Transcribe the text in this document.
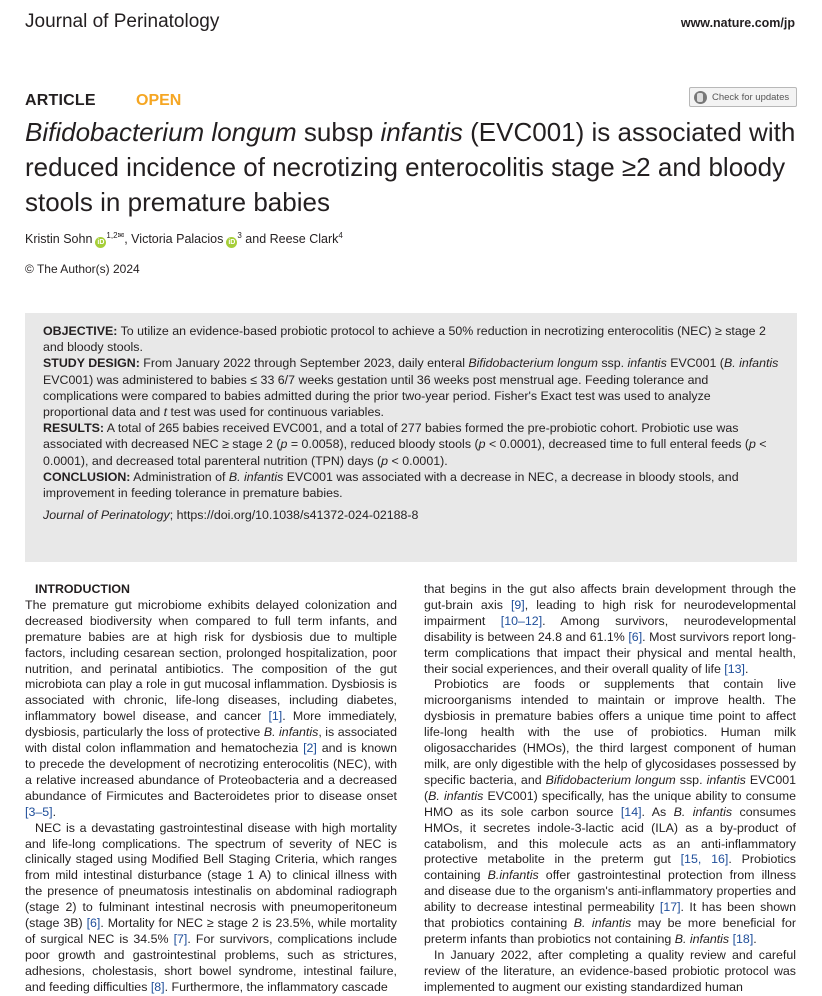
Journal of Perinatology	www.nature.com/jp
ARTICLE	OPEN	Check for updates
Bifidobacterium longum subsp infantis (EVC001) is associated with reduced incidence of necrotizing enterocolitis stage ≥2 and bloody stools in premature babies
Kristin Sohn $iD^{1,2✉}$, Victoria Palacios $iD^3$ and Reese Clark$^4$
© The Author(s) 2024

OBJECTIVE: To utilize an evidence-based probiotic protocol to achieve a 50% reduction in necrotizing enterocolitis (NEC) ≥ stage 2 and bloody stools.

STUDY DESIGN: From January 2022 through September 2023, daily enteral Bifidobacterium longum ssp. infantis EVC001 (B. infantis EVC001) was administered to babies ≤ 33 6/7 weeks gestation until 36 weeks post menstrual age. Feeding tolerance and complications were compared to babies admitted during the prior two-year period. Fisher's Exact test was used to analyze proportional data and t test was used for continuous variables.

RESULTS: A total of 265 babies received EVC001, and a total of 277 babies formed the pre-probiotic cohort. Probiotic use was associated with decreased NEC ≥ stage 2 (p = 0.0058), reduced bloody stools (p < 0.0001), decreased time to full enteral feeds (p < 0.0001), and decreased total parenteral nutrition (TPN) days (p < 0.0001).

CONCLUSION: Administration of B. infantis EVC001 was associated with a decrease in NEC, a decrease in bloody stools, and improvement in feeding tolerance in premature babies.

Journal of Perinatology; https://doi.org/10.1038/s41372-024-02188-8

INTRODUCTION

The premature gut microbiome exhibits delayed colonization and decreased biodiversity when compared to full term infants, and premature babies are at high risk for dysbiosis due to multiple factors, including cesarean section, prolonged hospitalization, poor nutrition, and perinatal antibiotics. The composition of the gut microbiota can play a role in gut mucosal inflammation. Dysbiosis is associated with chronic, life-long diseases, including diabetes, inflammatory bowel disease, and cancer [1]. More immediately, dysbiosis, particularly the loss of protective B. infantis, is associated with distal colon inflammation and hematochezia [2] and is known to precede the development of necrotizing enterocolitis (NEC), with a relative increased abundance of Proteobacteria and a decreased abundance of Firmicutes and Bacteroidetes prior to disease onset [3–5].

NEC is a devastating gastrointestinal disease with high mortality and life-long complications. The spectrum of severity of NEC is clinically staged using Modified Bell Staging Criteria, which ranges from mild intestinal disturbance (stage 1 A) to clinical illness with the presence of pneumatosis intestinalis on abdominal radiograph (stage 2) to fulminant intestinal necrosis with pneumoperitoneum (stage 3B) [6]. Mortality for NEC ≥ stage 2 is 23.5%, while mortality of surgical NEC is 34.5% [7]. For survivors, complications include poor growth and gastrointestinal problems, such as strictures, adhesions, cholestasis, short bowel syndrome, intestinal failure, and feeding difficulties [8]. Furthermore, the inflammatory cascade

that begins in the gut also affects brain development through the gut-brain axis [9], leading to high risk for neurodevelopmental impairment [10–12]. Among survivors, neurodevelopmental disability is between 24.8 and 61.1% [6]. Most survivors report long-term complications that impact their physical and mental health, their social experiences, and their overall quality of life [13].

Probiotics are foods or supplements that contain live microorganisms intended to maintain or improve health. The dysbiosis in premature babies offers a unique time point to affect life-long health with the use of probiotics. Human milk oligosaccharides (HMOs), the third largest component of human milk, are only digestible with the help of glycosidases possessed by specific bacteria, and Bifidobacterium longum ssp. infantis EVC001 (B. infantis EVC001) specifically, has the unique ability to consume HMO as its sole carbon source [14]. As B. infantis consumes HMOs, it secretes indole-3-lactic acid (ILA) as a by-product of catabolism, and this molecule acts as an anti-inflammatory protective metabolite in the preterm gut [15, 16]. Probiotics containing B.infantis offer gastrointestinal protection from illness and disease due to the organism's anti-inflammatory properties and ability to decrease intestinal permeability [17]. It has been shown that probiotics containing B. infantis may be more beneficial for preterm infants than probiotics not containing B. infantis [18].

In January 2022, after completing a quality review and careful review of the literature, an evidence-based probiotic protocol was implemented to augment our existing standardized human
